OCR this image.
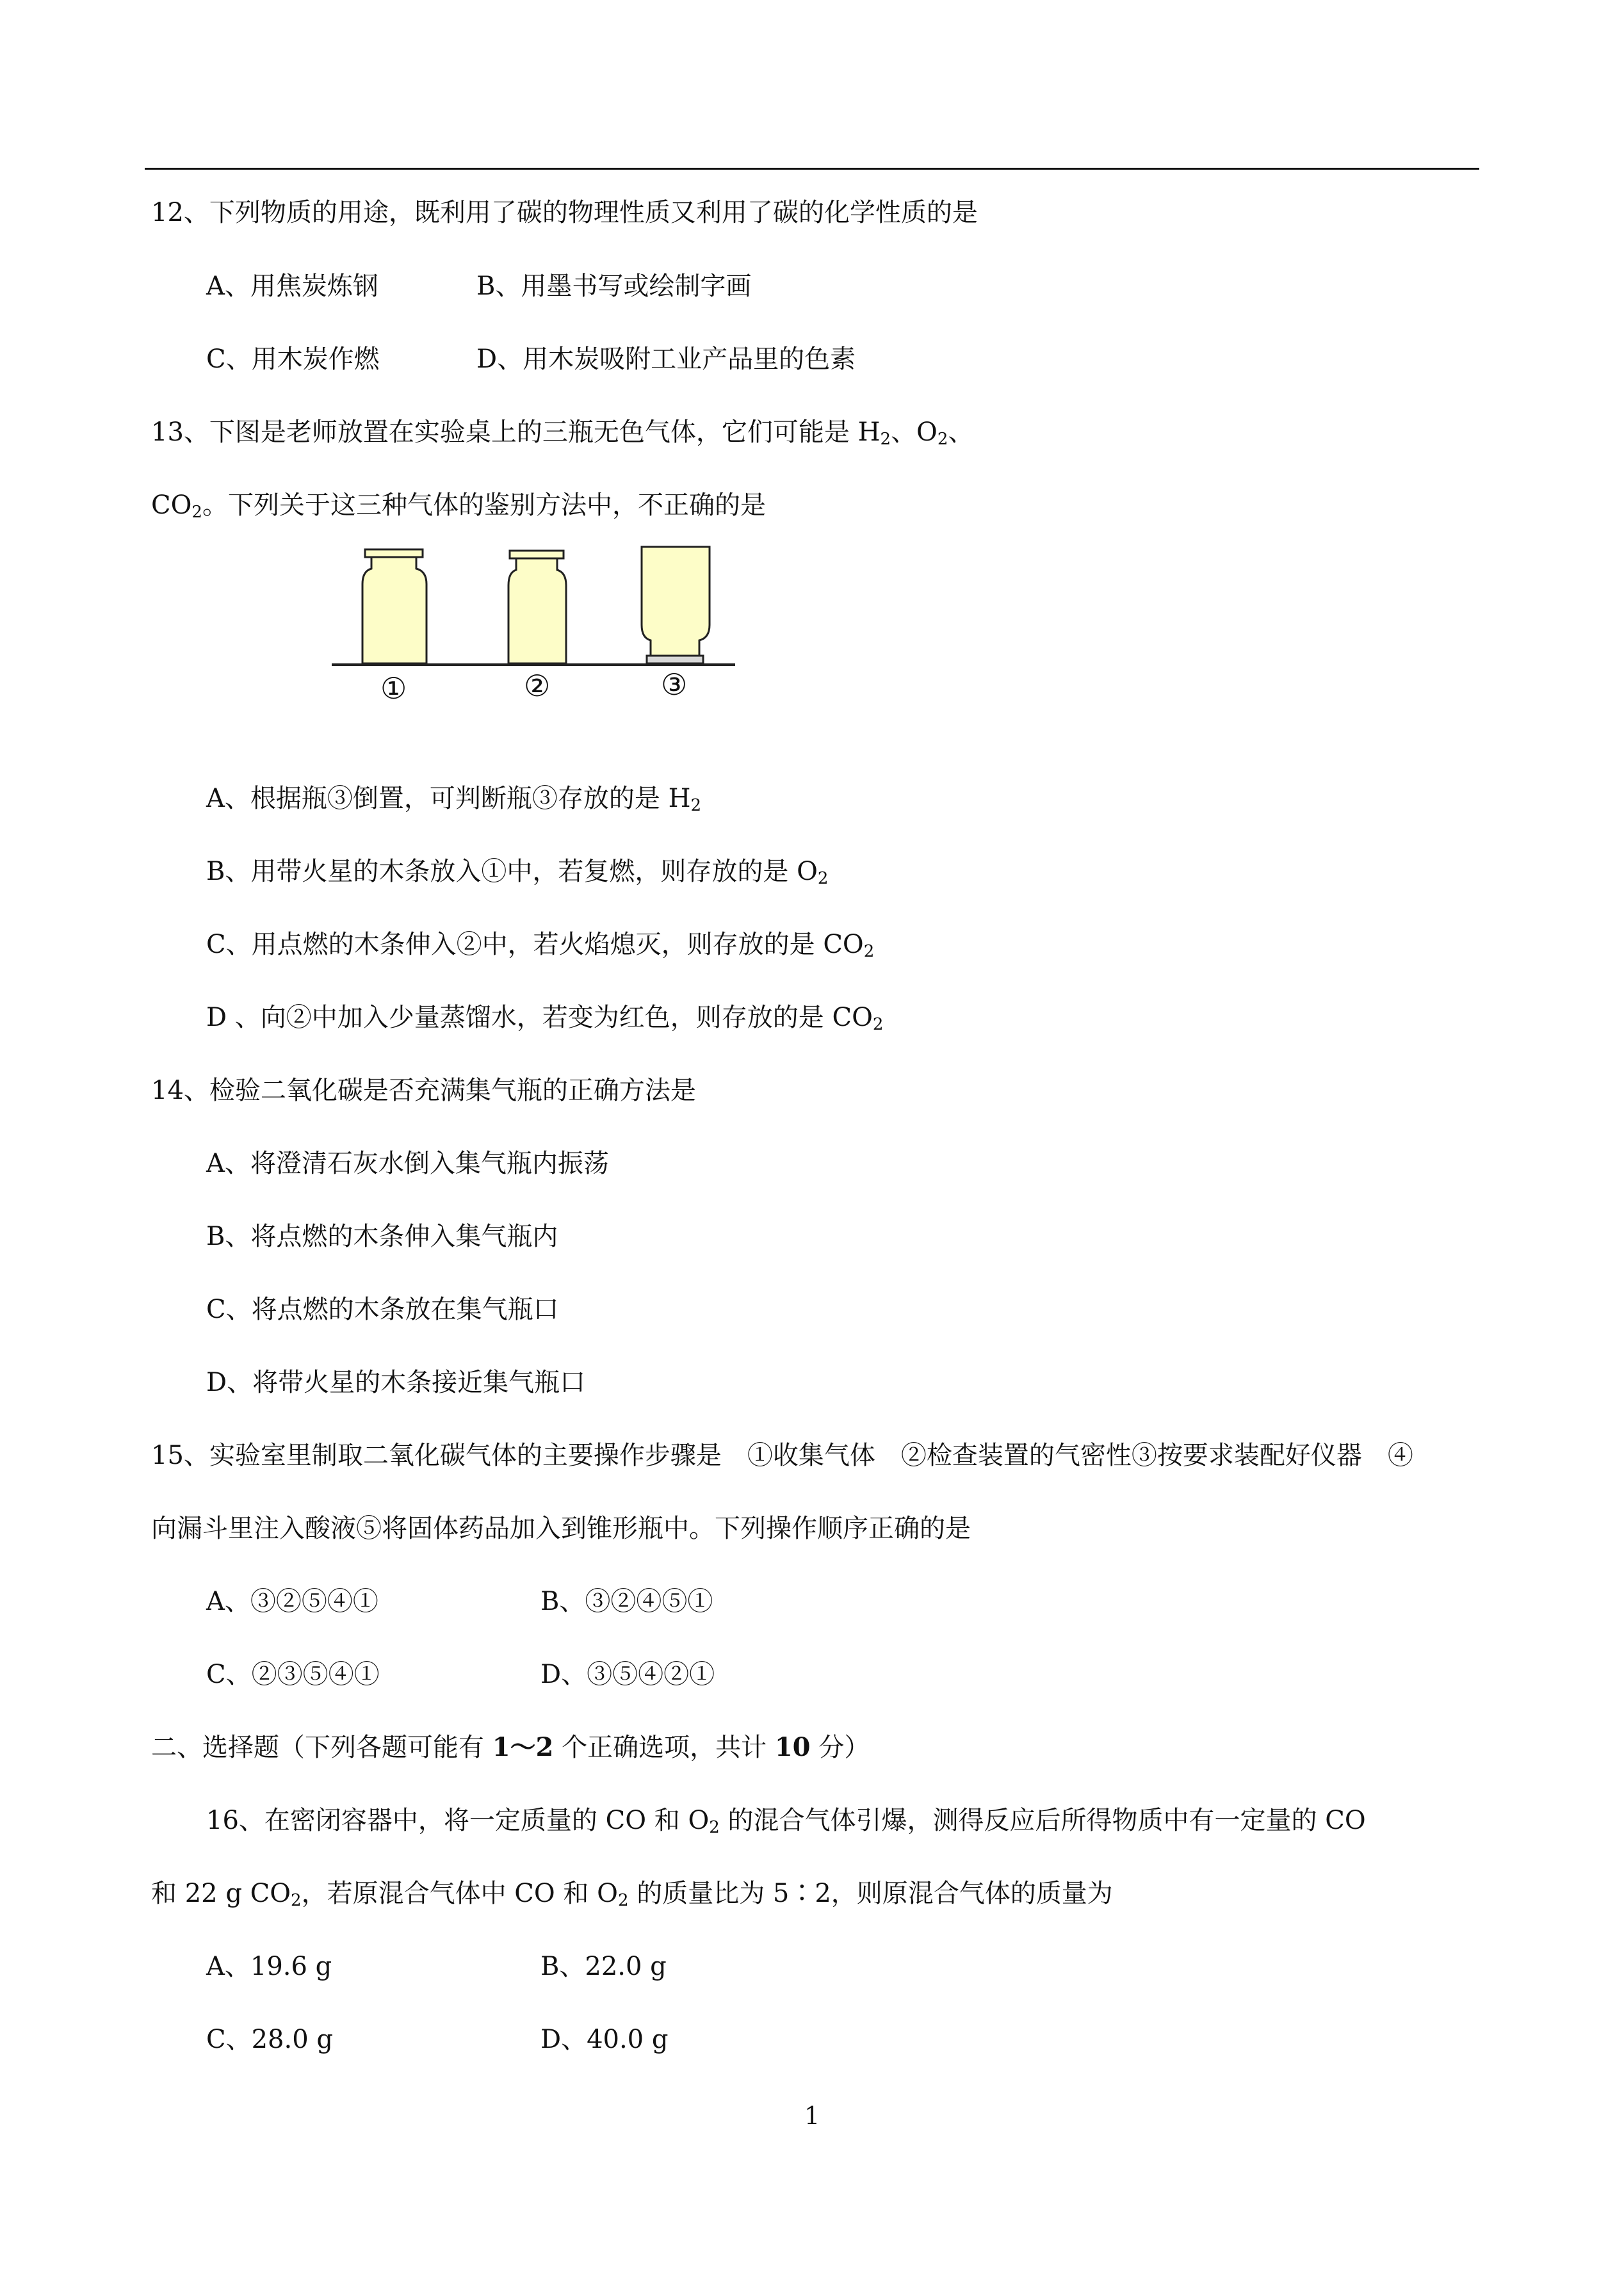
12、下列物质的用途，既利用了碳的物理性质又利用了碳的化学性质的是
A、用焦炭炼钢	B、用墨书写或绘制字画
C、用木炭作燃	D、用木炭吸附工业产品里的色素
13、下图是老师放置在实验桌上的三瓶无色气体，它们可能是 $H_2$、$O_2$、
$CO_2$。下列关于这三种气体的鉴别方法中，不正确的是
①	②	③
A、根据瓶③倒置，可判断瓶③存放的是 $H_2$
B、用带火星的木条放入①中，若复燃，则存放的是 $O_2$
C、用点燃的木条伸入②中，若火焰熄灭，则存放的是 $CO_2$
D 、向②中加入少量蒸馏水，若变为红色，则存放的是 $CO_2$
14、检验二氧化碳是否充满集气瓶的正确方法是
A、将澄清石灰水倒入集气瓶内振荡
B、将点燃的木条伸入集气瓶内
C、将点燃的木条放在集气瓶口
D、将带火星的木条接近集气瓶口
15、实验室里制取二氧化碳气体的主要操作步骤是　①收集气体　②检查装置的气密性③按要求装配好仪器　④
向漏斗里注入酸液⑤将固体药品加入到锥形瓶中。下列操作顺序正确的是
A、③②⑤④①	B、③②④⑤①
C、②③⑤④①	D、③⑤④②①
二、选择题（下列各题可能有 1～2 个正确选项，共计 10 分）
16、在密闭容器中，将一定质量的 CO 和 $O_2$ 的混合气体引爆，测得反应后所得物质中有一定量的 CO
和 22 g $CO_2$，若原混合气体中 CO 和 $O_2$ 的质量比为 5∶2，则原混合气体的质量为
A、19.6 g	B、22.0 g
C、28.0 g	D、40.0 g
1
